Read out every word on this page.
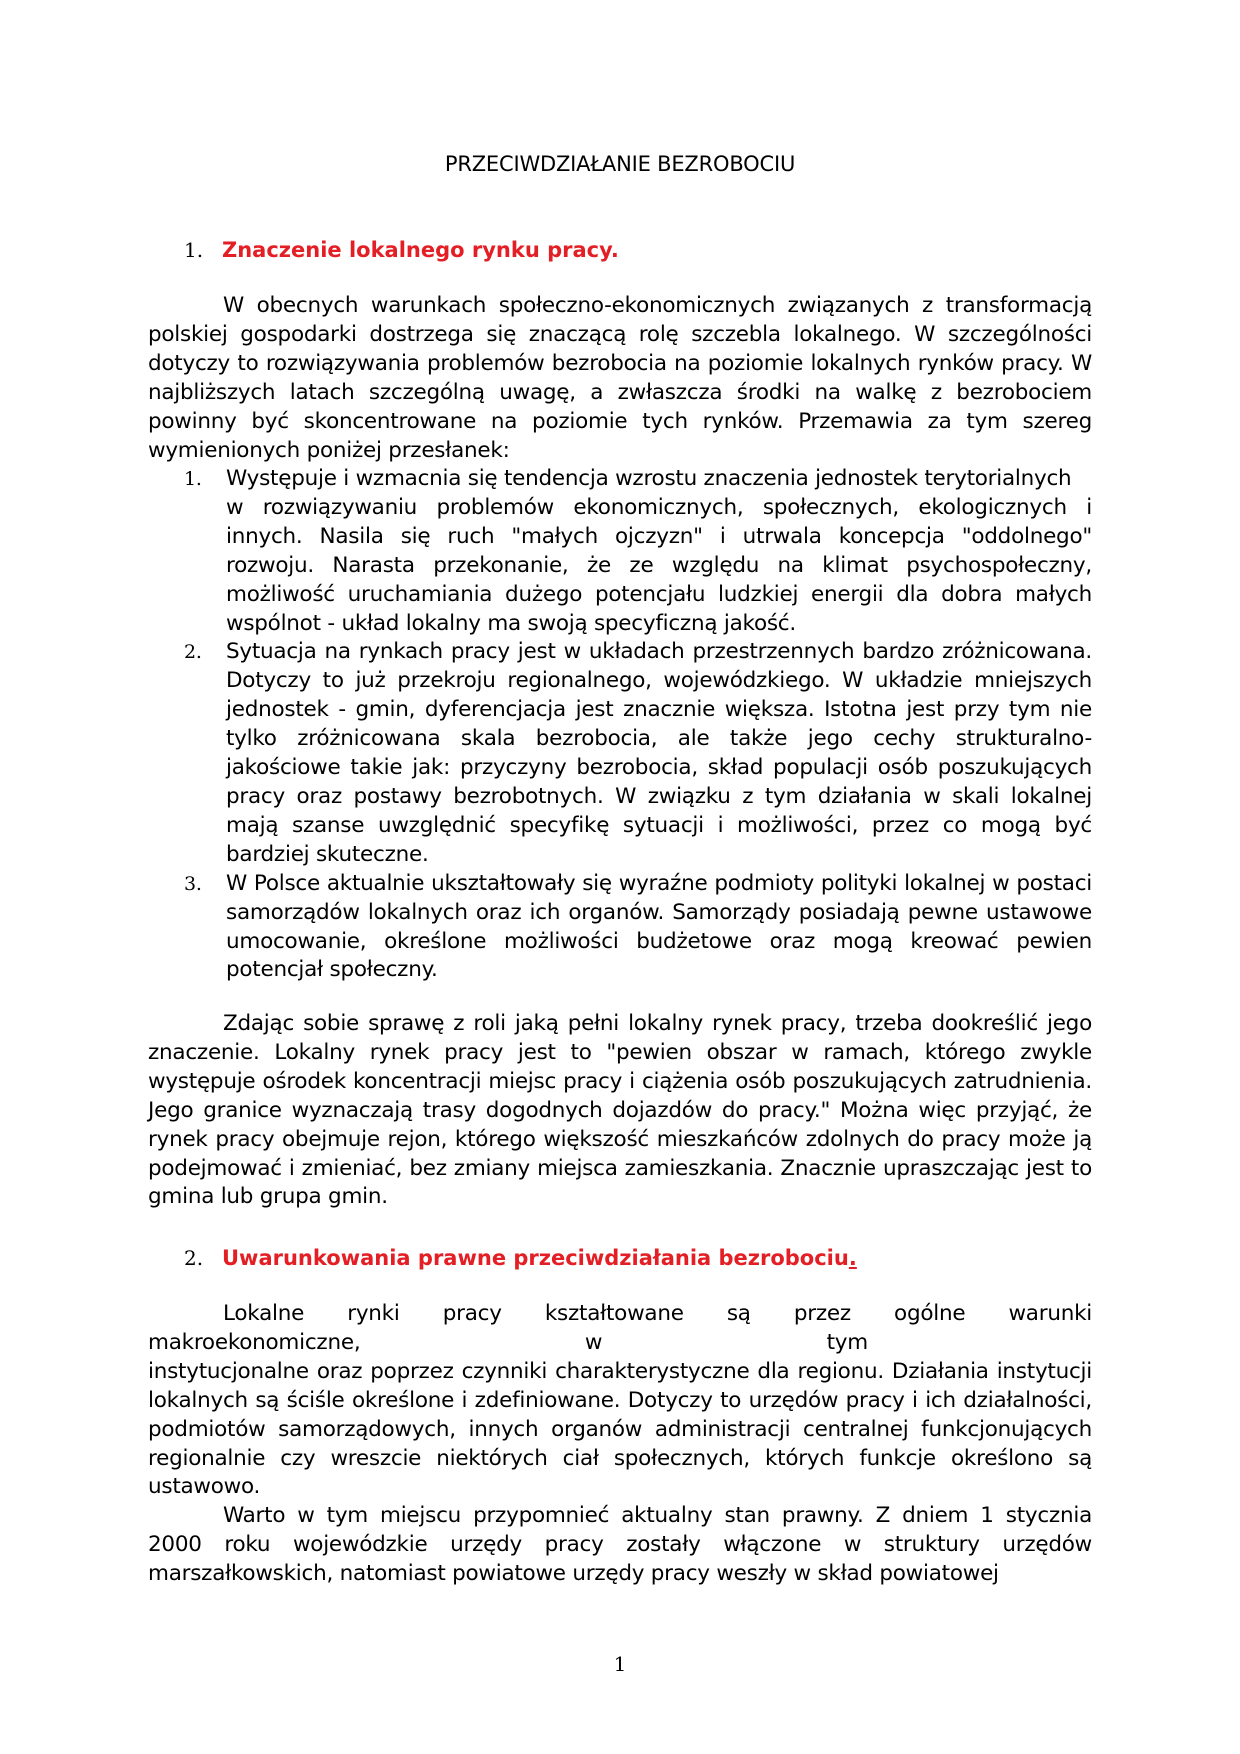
PRZECIWDZIAŁANIE BEZROBOCIU
1. Znaczenie lokalnego rynku pracy.

W obecnych warunkach społeczno-ekonomicznych związanych z transformacją polskiej gospodarki dostrzega się znaczącą rolę szczebla lokalnego. W szczególności dotyczy to rozwiązywania problemów bezrobocia na poziomie lokalnych rynków pracy. W najbliższych latach szczególną uwagę, a zwłaszcza środki na walkę z bezrobociem powinny być skoncentrowane na poziomie tych rynków. Przemawia za tym szereg wymienionych poniżej przesłanek:

1. Występuje i wzmacnia się tendencja wzrostu znaczenia jednostek terytorialnych
w rozwiązywaniu problemów ekonomicznych, społecznych, ekologicznych i innych. Nasila się ruch "małych ojczyzn" i utrwala koncepcja "oddolnego" rozwoju. Narasta przekonanie, że ze względu na klimat psychospołeczny, możliwość uruchamiania dużego potencjału ludzkiej energii dla dobra małych wspólnot - układ lokalny ma swoją specyficzną jakość.
2. Sytuacja na rynkach pracy jest w układach przestrzennych bardzo zróżnicowana. Dotyczy to już przekroju regionalnego, wojewódzkiego. W układzie mniejszych jednostek - gmin, dyferencjacja jest znacznie większa. Istotna jest przy tym nie tylko zróżnicowana skala bezrobocia, ale także jego cechy strukturalno-jakościowe takie jak: przyczyny bezrobocia, skład populacji osób poszukujących pracy oraz postawy bezrobotnych. W związku z tym działania w skali lokalnej mają szanse uwzględnić specyfikę sytuacji i możliwości, przez co mogą być bardziej skuteczne.
3. W Polsce aktualnie ukształtowały się wyraźne podmioty polityki lokalnej w postaci samorządów lokalnych oraz ich organów. Samorządy posiadają pewne ustawowe umocowanie, określone możliwości budżetowe oraz mogą kreować pewien potencjał społeczny.

Zdając sobie sprawę z roli jaką pełni lokalny rynek pracy, trzeba dookreślić jego znaczenie. Lokalny rynek pracy jest to "pewien obszar w ramach, którego zwykle występuje ośrodek koncentracji miejsc pracy i ciążenia osób poszukujących zatrudnienia. Jego granice wyznaczają trasy dogodnych dojazdów do pracy." Można więc przyjąć, że rynek pracy obejmuje rejon, którego większość mieszkańców zdolnych do pracy może ją podejmować i zmieniać, bez zmiany miejsca zamieszkania. Znacznie upraszczając jest to gmina lub grupa gmin.

2. Uwarunkowania prawne przeciwdziałania bezrobociu.
Lokalne rynki pracy kształtowane są przez ogólne warunki
makroekonomiczne,	w	tym
instytucjonalne oraz poprzez czynniki charakterystyczne dla regionu. Działania instytucji lokalnych są ściśle określone i zdefiniowane. Dotyczy to urzędów pracy i ich działalności, podmiotów samorządowych, innych organów administracji centralnej funkcjonujących regionalnie czy wreszcie niektórych ciał społecznych, których funkcje określono są ustawowo.

Warto w tym miejscu przypomnieć aktualny stan prawny. Z dniem 1 stycznia 2000 roku wojewódzkie urzędy pracy zostały włączone w struktury urzędów marszałkowskich, natomiast powiatowe urzędy pracy weszły w skład powiatowej

1
